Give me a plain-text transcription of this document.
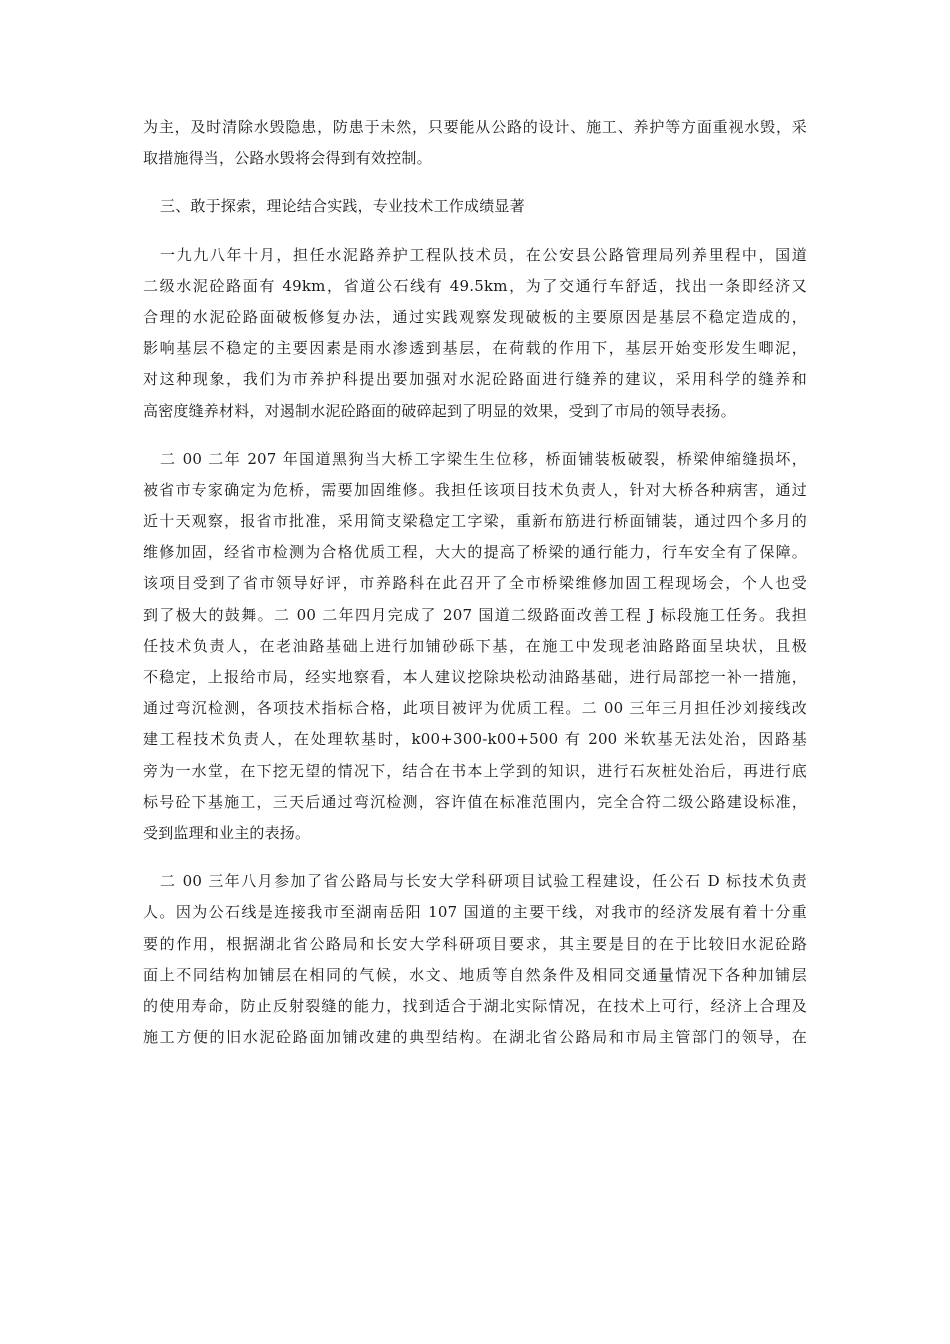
为主，及时清除水毁隐患，防患于未然，只要能从公路的设计、施工、养护等方面重视水毁，采
取措施得当，公路水毁将会得到有效控制。
三、敢于探索，理论结合实践，专业技术工作成绩显著
一九九八年十月，担任水泥路养护工程队技术员，在公安县公路管理局列养里程中，国道
二级水泥砼路面有 49km，省道公石线有 49.5km，为了交通行车舒适，找出一条即经济又
合理的水泥砼路面破板修复办法，通过实践观察发现破板的主要原因是基层不稳定造成的，
影响基层不稳定的主要因素是雨水渗透到基层，在荷载的作用下，基层开始变形发生唧泥，
对这种现象，我们为市养护科提出要加强对水泥砼路面进行缝养的建议，采用科学的缝养和
高密度缝养材料，对遏制水泥砼路面的破碎起到了明显的效果，受到了市局的领导表扬。
二 00 二年 207 年国道黑狗当大桥工字梁生生位移，桥面铺装板破裂，桥梁伸缩缝损坏，
被省市专家确定为危桥，需要加固维修。我担任该项目技术负责人，针对大桥各种病害，通过
近十天观察，报省市批准，采用简支梁稳定工字梁，重新布筋进行桥面铺装，通过四个多月的
维修加固，经省市检测为合格优质工程，大大的提高了桥梁的通行能力，行车安全有了保障。
该项目受到了省市领导好评，市养路科在此召开了全市桥梁维修加固工程现场会，个人也受
到了极大的鼓舞。二 00 二年四月完成了 207 国道二级路面改善工程 J 标段施工任务。我担
任技术负责人，在老油路基础上进行加铺砂砾下基，在施工中发现老油路路面呈块状，且极
不稳定，上报给市局，经实地察看，本人建议挖除块松动油路基础，进行局部挖一补一措施，
通过弯沉检测，各项技术指标合格，此项目被评为优质工程。二 00 三年三月担任沙刘接线改
建工程技术负责人，在处理软基时，k00+300-k00+500 有 200 米软基无法处治，因路基
旁为一水堂，在下挖无望的情况下，结合在书本上学到的知识，进行石灰桩处治后，再进行底
标号砼下基施工，三天后通过弯沉检测，容许值在标准范围内，完全合符二级公路建设标准，
受到监理和业主的表扬。
二 00 三年八月参加了省公路局与长安大学科研项目试验工程建设，任公石 D 标技术负责
人。因为公石线是连接我市至湖南岳阳 107 国道的主要干线，对我市的经济发展有着十分重
要的作用，根据湖北省公路局和长安大学科研项目要求，其主要是目的在于比较旧水泥砼路
面上不同结构加铺层在相同的气候，水文、地质等自然条件及相同交通量情况下各种加铺层
的使用寿命，防止反射裂缝的能力，找到适合于湖北实际情况，在技术上可行，经济上合理及
施工方便的旧水泥砼路面加铺改建的典型结构。在湖北省公路局和市局主管部门的领导，在
